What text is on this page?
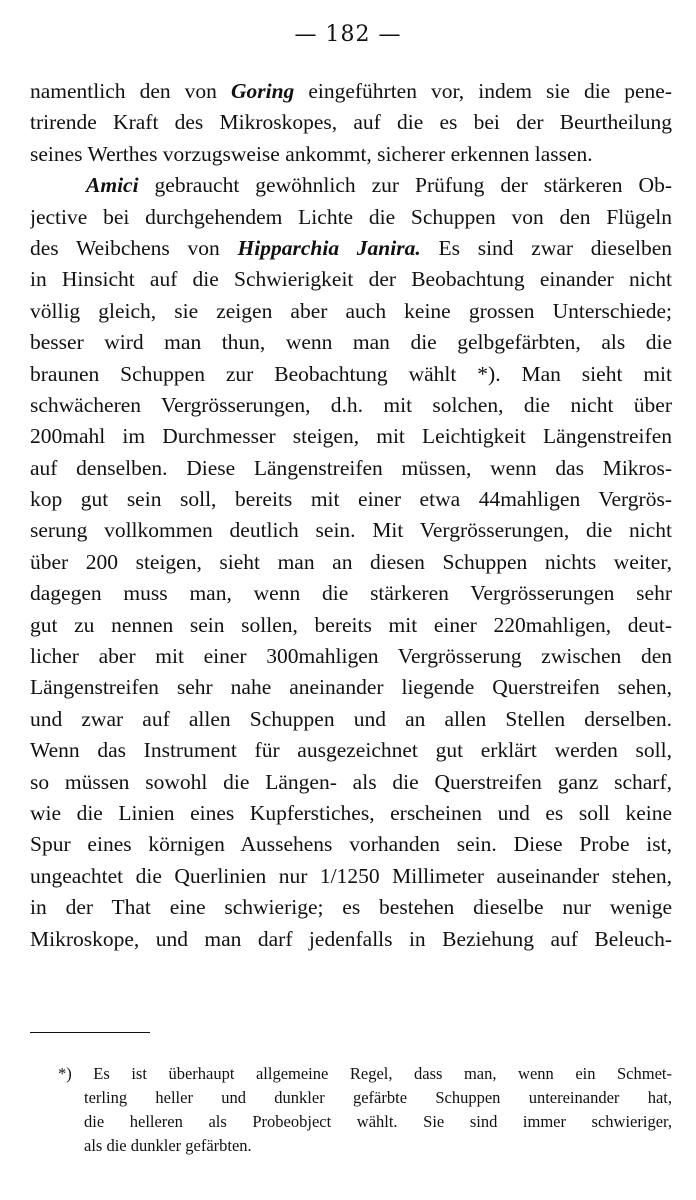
— 182 —
namentlich den von Goring eingeführten vor, indem sie die pene-
trirende Kraft des Mikroskopes, auf die es bei der Beurtheilung
seines Werthes vorzugsweise ankommt, sicherer erkennen lassen.
Amici gebraucht gewöhnlich zur Prüfung der stärkeren Ob-
jective bei durchgehendem Lichte die Schuppen von den Flügeln
des Weibchens von Hipparchia Janira. Es sind zwar dieselben
in Hinsicht auf die Schwierigkeit der Beobachtung einander nicht
völlig gleich, sie zeigen aber auch keine grossen Unterschiede;
besser wird man thun, wenn man die gelbgefärbten, als die
braunen Schuppen zur Beobachtung wählt *). Man sieht mit
schwächeren Vergrösserungen, d.h. mit solchen, die nicht über
200mahl im Durchmesser steigen, mit Leichtigkeit Längenstreifen
auf denselben. Diese Längenstreifen müssen, wenn das Mikros-
kop gut sein soll, bereits mit einer etwa 44mahligen Vergrös-
serung vollkommen deutlich sein. Mit Vergrösserungen, die nicht
über 200 steigen, sieht man an diesen Schuppen nichts weiter,
dagegen muss man, wenn die stärkeren Vergrösserungen sehr
gut zu nennen sein sollen, bereits mit einer 220mahligen, deut-
licher aber mit einer 300mahligen Vergrösserung zwischen den
Längenstreifen sehr nahe aneinander liegende Querstreifen sehen,
und zwar auf allen Schuppen und an allen Stellen derselben.
Wenn das Instrument für ausgezeichnet gut erklärt werden soll,
so müssen sowohl die Längen- als die Querstreifen ganz scharf,
wie die Linien eines Kupferstiches, erscheinen und es soll keine
Spur eines körnigen Aussehens vorhanden sein. Diese Probe ist,
ungeachtet die Querlinien nur 1/1250 Millimeter auseinander stehen,
in der That eine schwierige; es bestehen dieselbe nur wenige
Mikroskope, und man darf jedenfalls in Beziehung auf Beleuch-
*) Es ist überhaupt allgemeine Regel, dass man, wenn ein Schmet-
terling heller und dunkler gefärbte Schuppen untereinander hat,
die helleren als Probeobject wählt. Sie sind immer schwieriger,
als die dunkler gefärbten.
